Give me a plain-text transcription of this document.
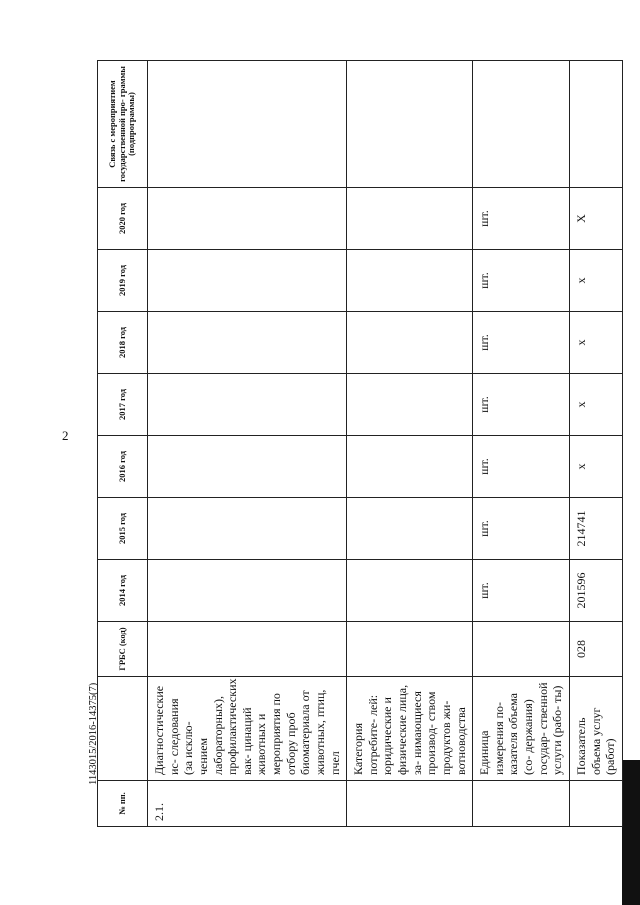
2
1143015/2016-14375(7)
№ пп.		ГРБС (код)	2014 год	2015 год	2016 год	2017 год	2018 год	2019 год	2020 год	Связь с мероприятием государственной про- граммы (подпрограммы)
2.1.	Диагностические ис- следования (за исклю- чением лабораторных), профилактических вак- цинаций животных и мероприятия по отбору проб биоматериала от животных, птиц, пчел									
	Категория потребите- лей: юридические и физические лица, за- нимающиеся производ- ством продуктов жи- вотноводства									
	Единица измерения по- казателя объема (со- держания) государ- ственной услуги (рабо- ты)		шт.	шт.	шт.	шт.	шт.	шт.	шт.	
	Показатель объема услуг (работ)	028	201596	214741	x	x	x	x	X	
